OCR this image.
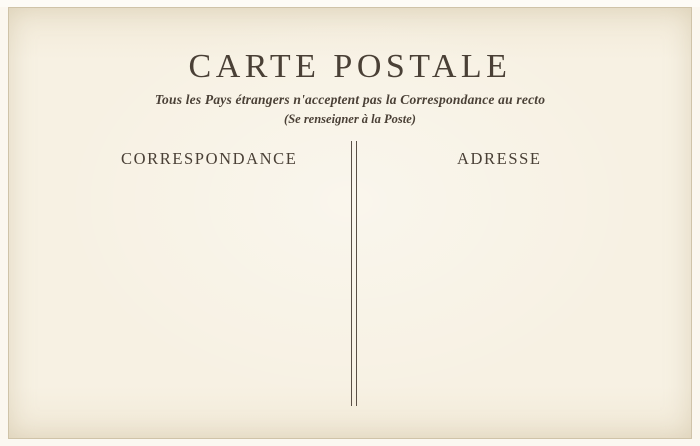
CARTE POSTALE
Tous les Pays étrangers n'acceptent pas la Correspondance au recto
(Se renseigner à la Poste)
CORRESPONDANCE	ADRESSE
